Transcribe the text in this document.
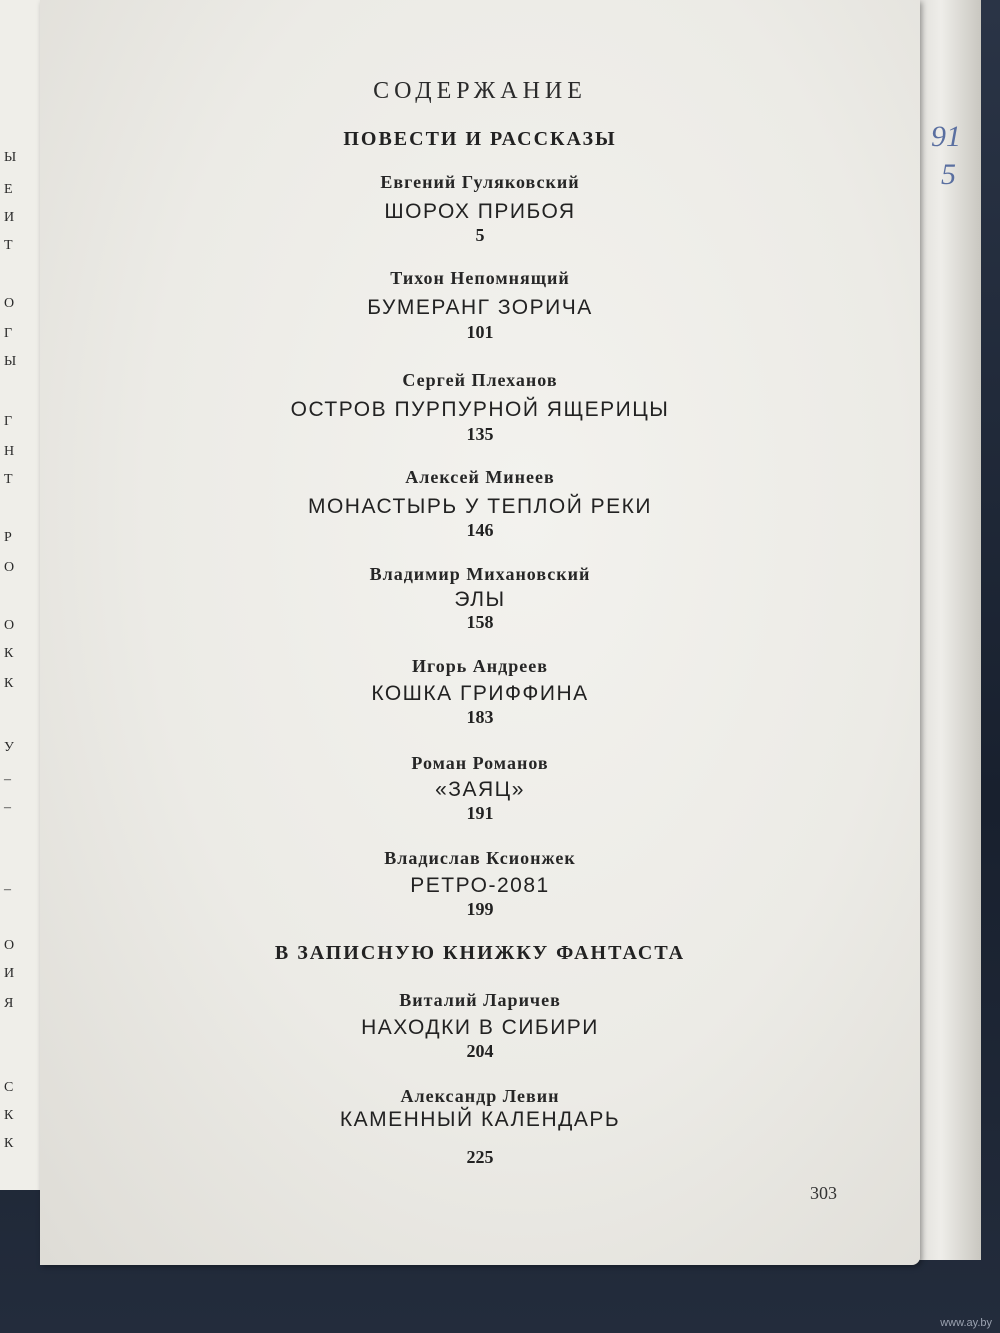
Ы
Е
И
Т
О
Г
Ы
Г
Н
Т
Р
О
О
К
К
У
–
–
–
О
И
Я
С
К
К
91
5
СОДЕРЖАНИЕ
ПОВЕСТИ И РАССКАЗЫ
Евгений Гуляковский
ШОРОХ ПРИБОЯ
5
Тихон Непомнящий
БУМЕРАНГ ЗОРИЧА
101
Сергей Плеханов
ОСТРОВ ПУРПУРНОЙ ЯЩЕРИЦЫ
135
Алексей Минеев
МОНАСТЫРЬ У ТЕПЛОЙ РЕКИ
146
Владимир Михановский
ЭЛЫ
158
Игорь Андреев
КОШКА ГРИФФИНА
183
Роман Романов
«ЗАЯЦ»
191
Владислав Ксионжек
РЕТРО-2081
199
В ЗАПИСНУЮ КНИЖКУ ФАНТАСТА
Виталий Ларичев
НАХОДКИ В СИБИРИ
204
Александр Левин
КАМЕННЫЙ КАЛЕНДАРЬ
225
303
www.ay.by
